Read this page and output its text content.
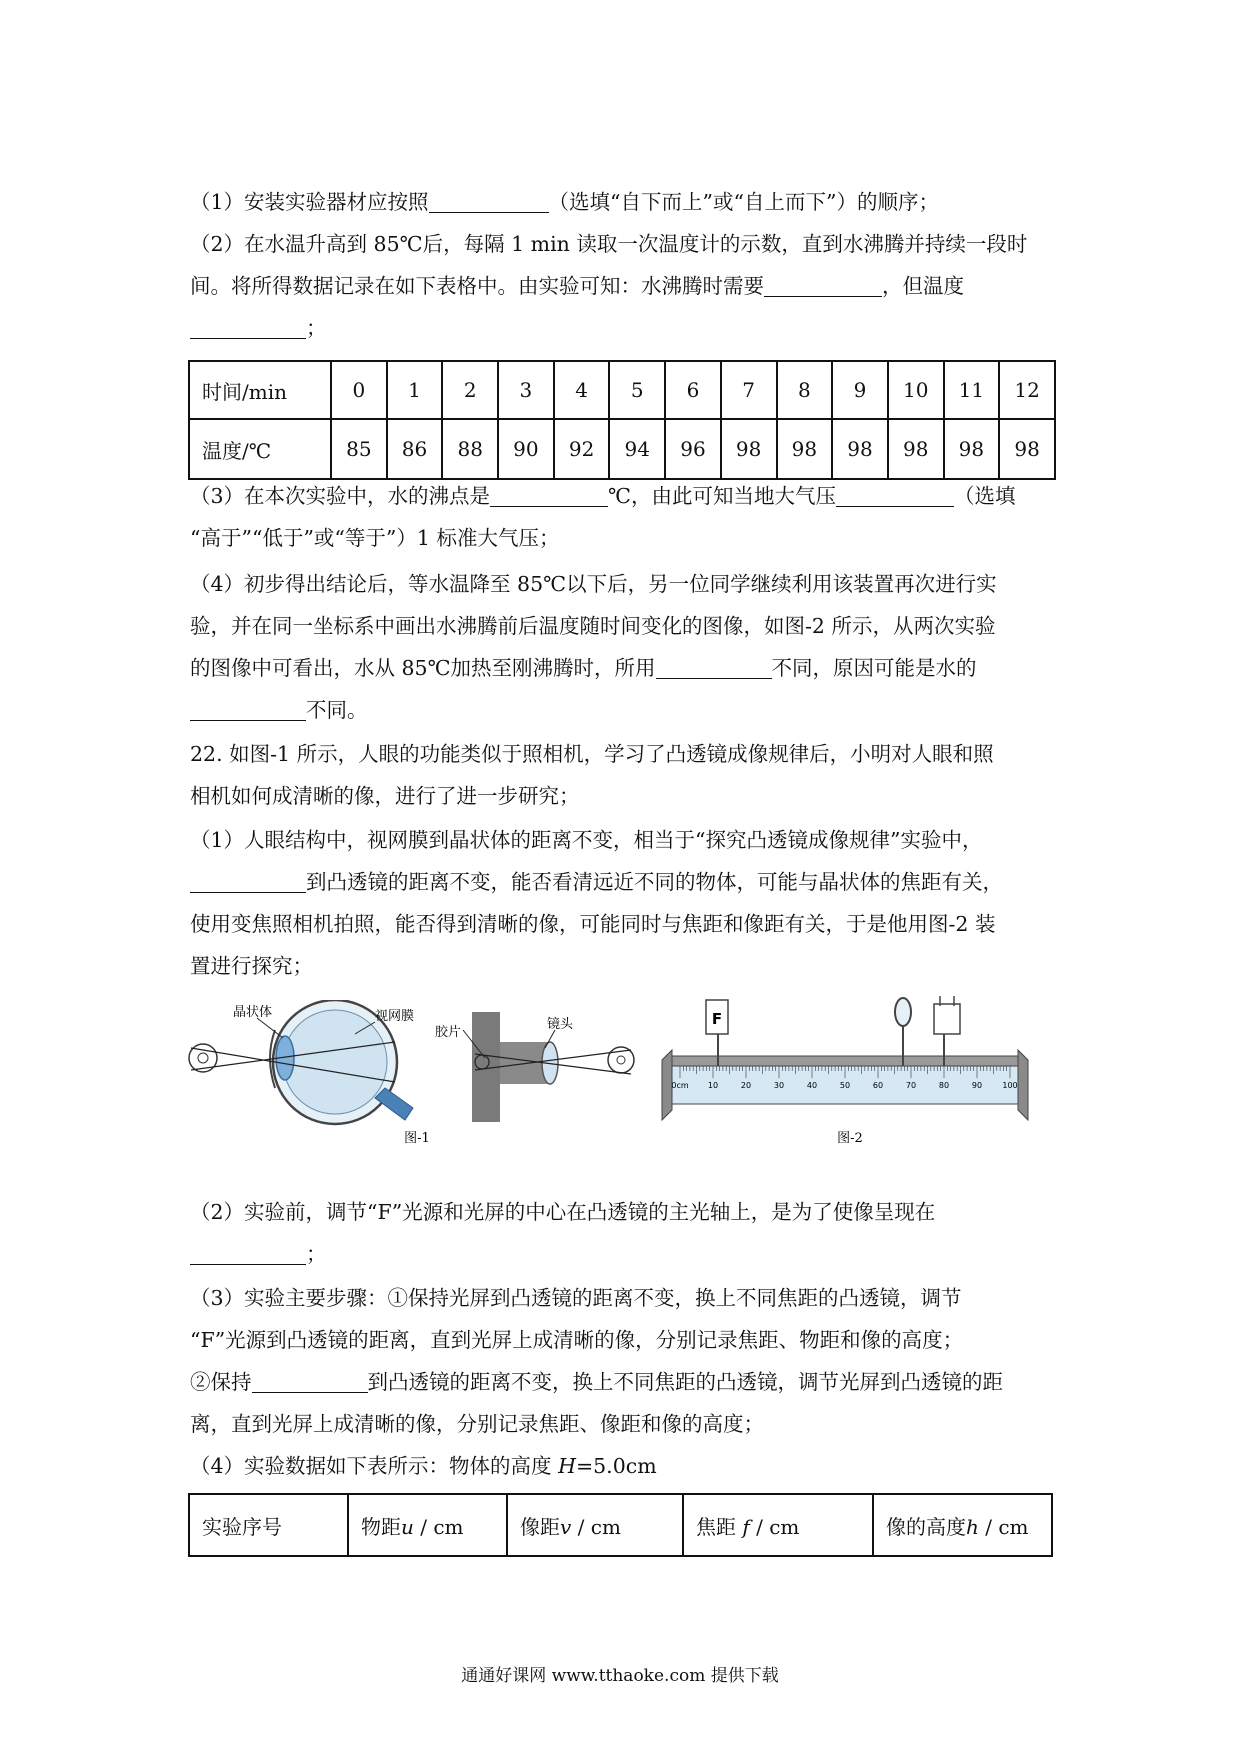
（1）安装实验器材应按照	（选填“自下而上”或“自上而下”）的顺序；
（2）在水温升高到 85℃后，每隔 1 min 读取一次温度计的示数，直到水沸腾并持续一段时
间。将所得数据记录在如下表格中。由实验可知：水沸腾时需要	，但温度
；
时间/min	0	1	2	3	4	5	6	7	8	9	10	11	12
温度/℃	85	86	88	90	92	94	96	98	98	98	98	98	98
（3）在本次实验中，水的沸点是	℃，由此可知当地大气压	（选填
“高于”“低于”或“等于”）1 标准大气压；
（4）初步得出结论后，等水温降至 85℃以下后，另一位同学继续利用该装置再次进行实
验，并在同一坐标系中画出水沸腾前后温度随时间变化的图像，如图-2 所示，从两次实验
的图像中可看出，水从 85℃加热至刚沸腾时，所用	不同，原因可能是水的
不同。
22. 如图-1 所示，人眼的功能类似于照相机，学习了凸透镜成像规律后，小明对人眼和照
相机如何成清晰的像，进行了进一步研究；
（1）人眼结构中，视网膜到晶状体的距离不变，相当于“探究凸透镜成像规律”实验中，
到凸透镜的距离不变，能否看清远近不同的物体，可能与晶状体的焦距有关，
使用变焦照相机拍照，能否得到清晰的像，可能同时与焦距和像距有关，于是他用图-2 装
置进行探究；
晶状体	视网膜
胶片
镜头
图-1
0cm 10	20	30	40	50	60	70	80	90	100
F
图-2
（2）实验前，调节“F”光源和光屏的中心在凸透镜的主光轴上，是为了使像呈现在
；
（3）实验主要步骤：①保持光屏到凸透镜的距离不变，换上不同焦距的凸透镜，调节
“F”光源到凸透镜的距离，直到光屏上成清晰的像，分别记录焦距、物距和像的高度；
②保持	到凸透镜的距离不变，换上不同焦距的凸透镜，调节光屏到凸透镜的距
离，直到光屏上成清晰的像，分别记录焦距、像距和像的高度；
（4）实验数据如下表所示：物体的高度 H=5.0cm
实验序号	物距u / cm	像距v / cm	焦距 f / cm	像的高度h / cm
通通好课网 www.tthaoke.com 提供下载
